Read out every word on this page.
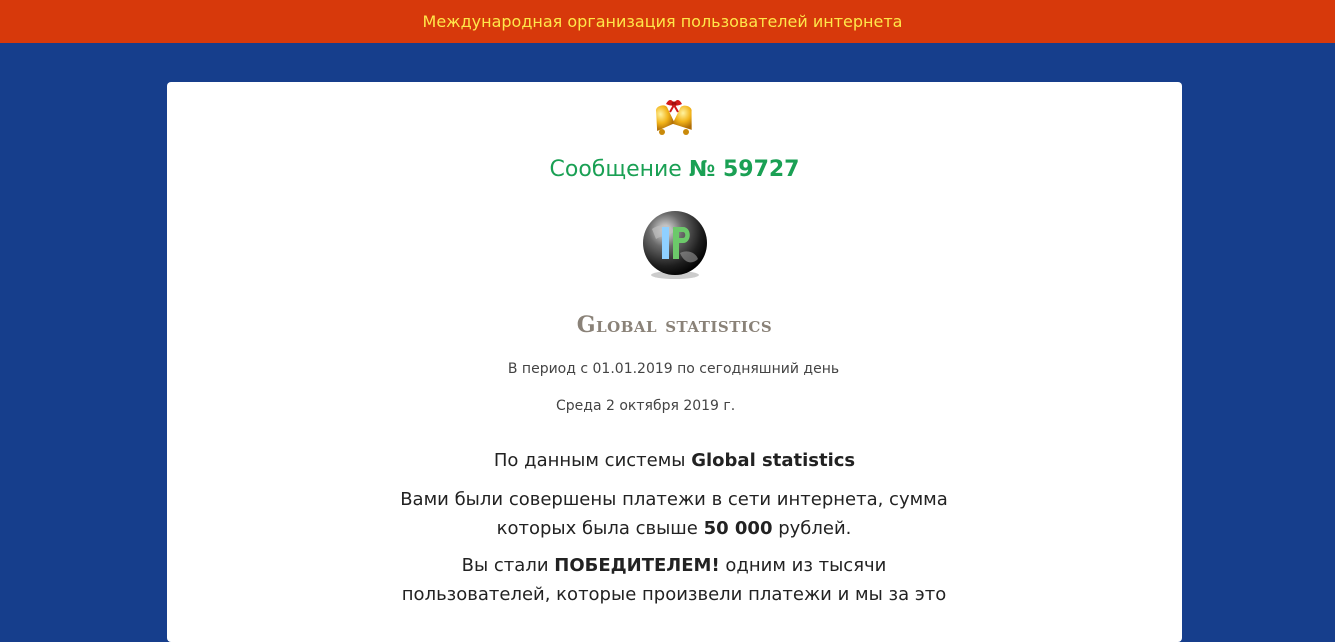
Международная организация пользователей интернета
Сообщение № 59727
Global statistics
В период с 01.01.2019 по сегодняшний день
Среда 2 октября 2019 г.
По данным системы Global statistics
Вами были совершены платежи в сети интернета, сумма которых была свыше 50 000 рублей.
Вы стали ПОБЕДИТЕЛЕМ! одним из тысячи пользователей, которые произвели платежи и мы за это
